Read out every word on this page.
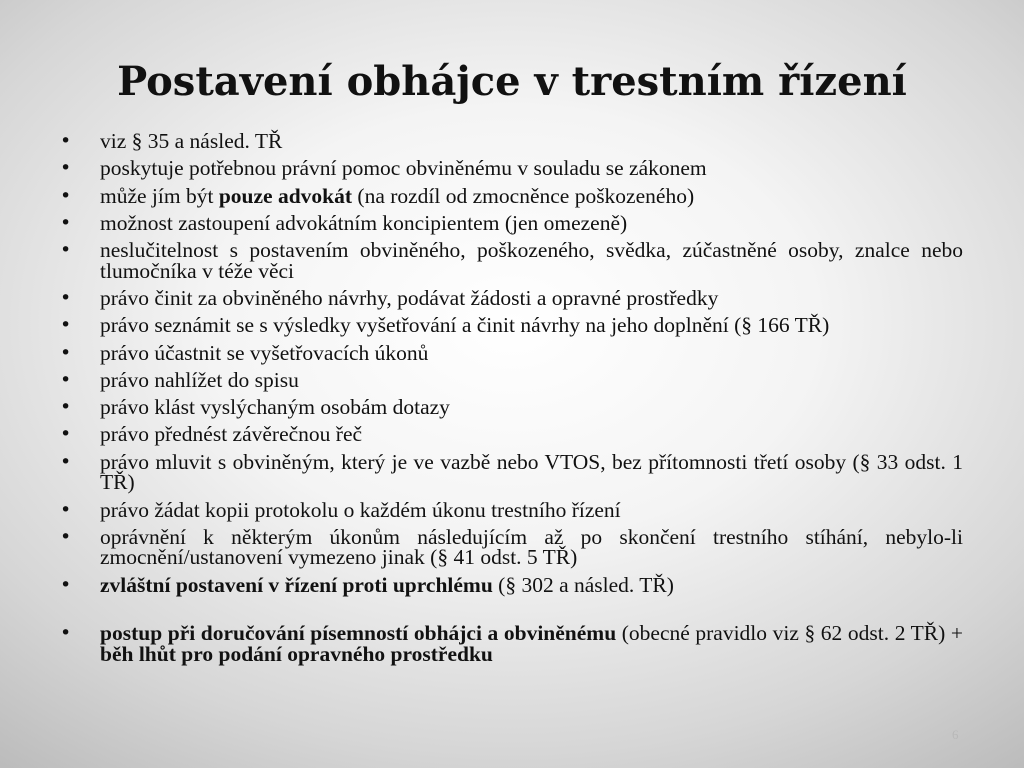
Postavení obhájce v trestním řízení
• viz § 35 a násled. TŘ
• poskytuje potřebnou právní pomoc obviněnému v souladu se zákonem
• může jím být pouze advokát (na rozdíl od zmocněnce poškozeného)
• možnost zastoupení advokátním koncipientem (jen omezeně)
• neslučitelnost s postavením obviněného, poškozeného, svědka, zúčastněné osoby, znalce nebo tlumočníka v téže věci
• právo činit za obviněného návrhy, podávat žádosti a opravné prostředky
• právo seznámit se s výsledky vyšetřování a činit návrhy na jeho doplnění (§ 166 TŘ)
• právo účastnit se vyšetřovacích úkonů
• právo nahlížet do spisu
• právo klást vyslýchaným osobám dotazy
• právo přednést závěrečnou řeč
• právo mluvit s obviněným, který je ve vazbě nebo VTOS, bez přítomnosti třetí osoby (§ 33 odst. 1 TŘ)
• právo žádat kopii protokolu o každém úkonu trestního řízení
• oprávnění k některým úkonům následujícím až po skončení trestního stíhání, nebylo-li zmocnění/ustanovení vymezeno jinak (§ 41 odst. 5 TŘ)
• zvláštní postavení v řízení proti uprchlému (§ 302 a násled. TŘ)
• postup při doručování písemností obhájci a obviněnému (obecné pravidlo viz § 62 odst. 2 TŘ) + běh lhůt pro podání opravného prostředku
6
